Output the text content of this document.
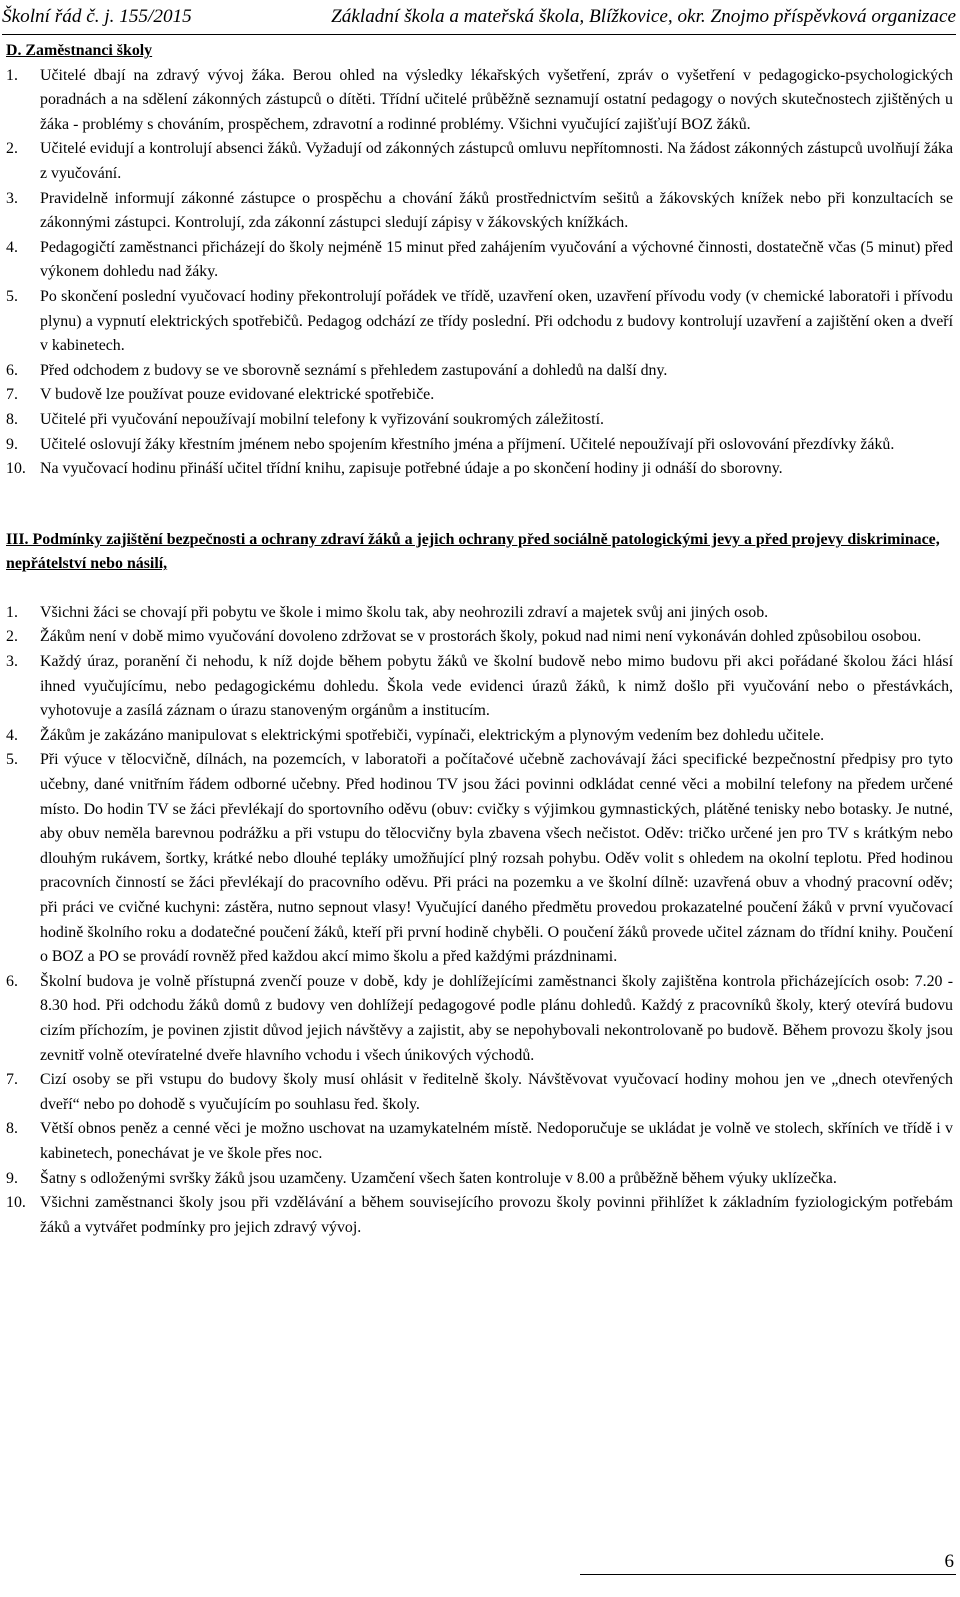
Školní řád č. j. 155/2015	Základní škola a mateřská škola, Blížkovice, okr. Znojmo příspěvková organizace
D. Zaměstnanci školy
1. Učitelé dbají na zdravý vývoj žáka. Berou ohled na výsledky lékařských vyšetření, zpráv o vyšetření v pedagogicko-psychologických poradnách a na sdělení zákonných zástupců o dítěti. Třídní učitelé průběžně seznamují ostatní pedagogy o nových skutečnostech zjištěných u žáka - problémy s chováním, prospěchem, zdravotní a rodinné problémy. Všichni vyučující zajišťují BOZ žáků.
2. Učitelé evidují a kontrolují absenci žáků. Vyžadují od zákonných zástupců omluvu nepřítomnosti. Na žádost zákonných zástupců uvolňují žáka z vyučování.
3. Pravidelně informují zákonné zástupce o prospěchu a chování žáků prostřednictvím sešitů a žákovských knížek nebo při konzultacích se zákonnými zástupci. Kontrolují, zda zákonní zástupci sledují zápisy v žákovských knížkách.
4. Pedagogičtí zaměstnanci přicházejí do školy nejméně 15 minut před zahájením vyučování a výchovné činnosti, dostatečně včas (5 minut) před výkonem dohledu nad žáky.
5. Po skončení poslední vyučovací hodiny překontrolují pořádek ve třídě, uzavření oken, uzavření přívodu vody (v chemické laboratoři i přívodu plynu) a vypnutí elektrických spotřebičů. Pedagog odchází ze třídy poslední. Při odchodu z budovy kontrolují uzavření a zajištění oken a dveří v kabinetech.
6. Před odchodem z budovy se ve sborovně seznámí s přehledem zastupování a dohledů na další dny.
7. V budově lze používat pouze evidované elektrické spotřebiče.
8. Učitelé při vyučování nepoužívají mobilní telefony k vyřizování soukromých záležitostí.
9. Učitelé oslovují žáky křestním jménem nebo spojením křestního jména a příjmení. Učitelé nepoužívají při oslovování přezdívky žáků.
10. Na vyučovací hodinu přináší učitel třídní knihu, zapisuje potřebné údaje a po skončení hodiny ji odnáší do sborovny.
III. Podmínky zajištění bezpečnosti a ochrany zdraví žáků a jejich ochrany před sociálně patologickými jevy a před projevy diskriminace, nepřátelství nebo násilí,
1. Všichni žáci se chovají při pobytu ve škole i mimo školu tak, aby neohrozili zdraví a majetek svůj ani jiných osob.
2. Žákům není v době mimo vyučování dovoleno zdržovat se v prostorách školy, pokud nad nimi není vykonáván dohled způsobilou osobou.
3. Každý úraz, poranění či nehodu, k níž dojde během pobytu žáků ve školní budově nebo mimo budovu při akci pořádané školou žáci hlásí ihned vyučujícímu, nebo pedagogickému dohledu. Škola vede evidenci úrazů žáků, k nimž došlo při vyučování nebo o přestávkách, vyhotovuje a zasílá záznam o úrazu stanoveným orgánům a institucím.
4. Žákům je zakázáno manipulovat s elektrickými spotřebiči, vypínači, elektrickým a plynovým vedením bez dohledu učitele.
5. Při výuce v tělocvičně, dílnách, na pozemcích, v laboratoři a počítačové učebně zachovávají žáci specifické bezpečnostní předpisy pro tyto učebny, dané vnitřním řádem odborné učebny. Před hodinou TV jsou žáci povinni odkládat cenné věci a mobilní telefony na předem určené místo. Do hodin TV se žáci převlékají do sportovního oděvu (obuv: cvičky s výjimkou gymnastických, plátěné tenisky nebo botasky. Je nutné, aby obuv neměla barevnou podrážku a při vstupu do tělocvičny byla zbavena všech nečistot. Oděv: tričko určené jen pro TV s krátkým nebo dlouhým rukávem, šortky, krátké nebo dlouhé tepláky umožňující plný rozsah pohybu. Oděv volit s ohledem na okolní teplotu. Před hodinou pracovních činností se žáci převlékají do pracovního oděvu. Při práci na pozemku a ve školní dílně: uzavřená obuv a vhodný pracovní oděv; při práci ve cvičné kuchyni: zástěra, nutno sepnout vlasy! Vyučující daného předmětu provedou prokazatelné poučení žáků v první vyučovací hodině školního roku a dodatečné poučení žáků, kteří při první hodině chyběli. O poučení žáků provede učitel záznam do třídní knihy. Poučení o BOZ a PO se provádí rovněž před každou akcí mimo školu a před každými prázdninami.
6. Školní budova je volně přístupná zvenčí pouze v době, kdy je dohlížejícími zaměstnanci školy zajištěna kontrola přicházejících osob: 7.20 - 8.30 hod. Při odchodu žáků domů z budovy ven dohlížejí pedagogové podle plánu dohledů. Každý z pracovníků školy, který otevírá budovu cizím příchozím, je povinen zjistit důvod jejich návštěvy a zajistit, aby se nepohybovali nekontrolovaně po budově. Během provozu školy jsou zevnitř volně otevíratelné dveře hlavního vchodu i všech únikových východů.
7. Cizí osoby se při vstupu do budovy školy musí ohlásit v ředitelně školy. Návštěvovat vyučovací hodiny mohou jen ve „dnech otevřených dveří“ nebo po dohodě s vyučujícím po souhlasu řed. školy.
8. Větší obnos peněz a cenné věci je možno uschovat na uzamykatelném místě. Nedoporučuje se ukládat je volně ve stolech, skříních ve třídě i v kabinetech, ponechávat je ve škole přes noc.
9. Šatny s odloženými svršky žáků jsou uzamčeny. Uzamčení všech šaten kontroluje v 8.00 a průběžně během výuky uklízečka.
10. Všichni zaměstnanci školy jsou při vzdělávání a během souvisejícího provozu školy povinni přihlížet k základním fyziologickým potřebám žáků a vytvářet podmínky pro jejich zdravý vývoj.
6
